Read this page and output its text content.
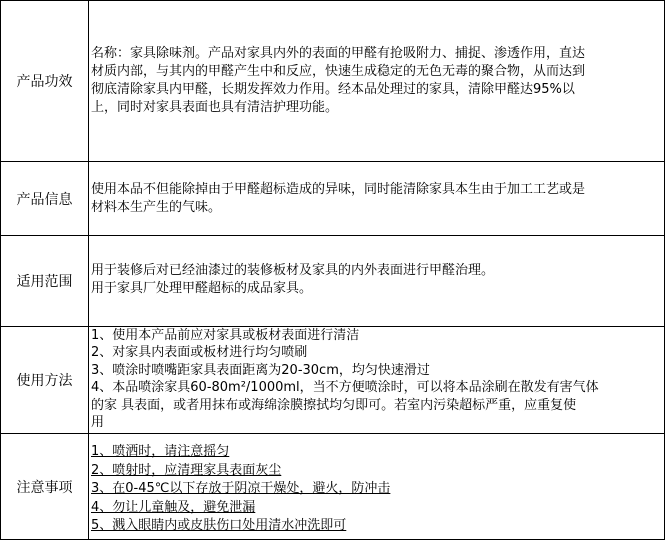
产品功效

名称：家具除味剂。产品对家具内外的表面的甲醛有抢吸附力、捕捉、渗透作用，直达

材质内部，与其内的甲醛产生中和反应，快速生成稳定的无色无毒的聚合物，从而达到

彻底清除家具内甲醛，长期发挥效力作用。经本品处理过的家具，清除甲醛达95%以

上，同时对家具表面也具有清洁护理功能。

产品信息

使用本品不但能除掉由于甲醛超标造成的异味，同时能清除家具本生由于加工工艺或是

材料本生产生的气味。

适用范围

用于装修后对已经油漆过的装修板材及家具的内外表面进行甲醛治理。

用于家具厂处理甲醛超标的成品家具。

使用方法

1、使用本产品前应对家具或板材表面进行清洁

2、对家具内表面或板材进行均匀喷刷

3、喷涂时喷嘴距家具表面距离为20-30cm，均匀快速滑过

4、本品喷涂家具60-80m²/1000ml，当不方便喷涂时，可以将本品涂刷在散发有害气体

的家 具表面，或者用抹布或海绵涂膜擦拭均匀即可。若室内污染超标严重，应重复使

用

注意事项

1、喷洒时，请注意摇匀

2、喷射时，应清理家具表面灰尘

3、在0-45℃以下存放于阴凉干燥处，避火，防冲击

4、勿让儿童触及，避免泄漏

5、溅入眼睛内或皮肤伤口处用清水冲洗即可
